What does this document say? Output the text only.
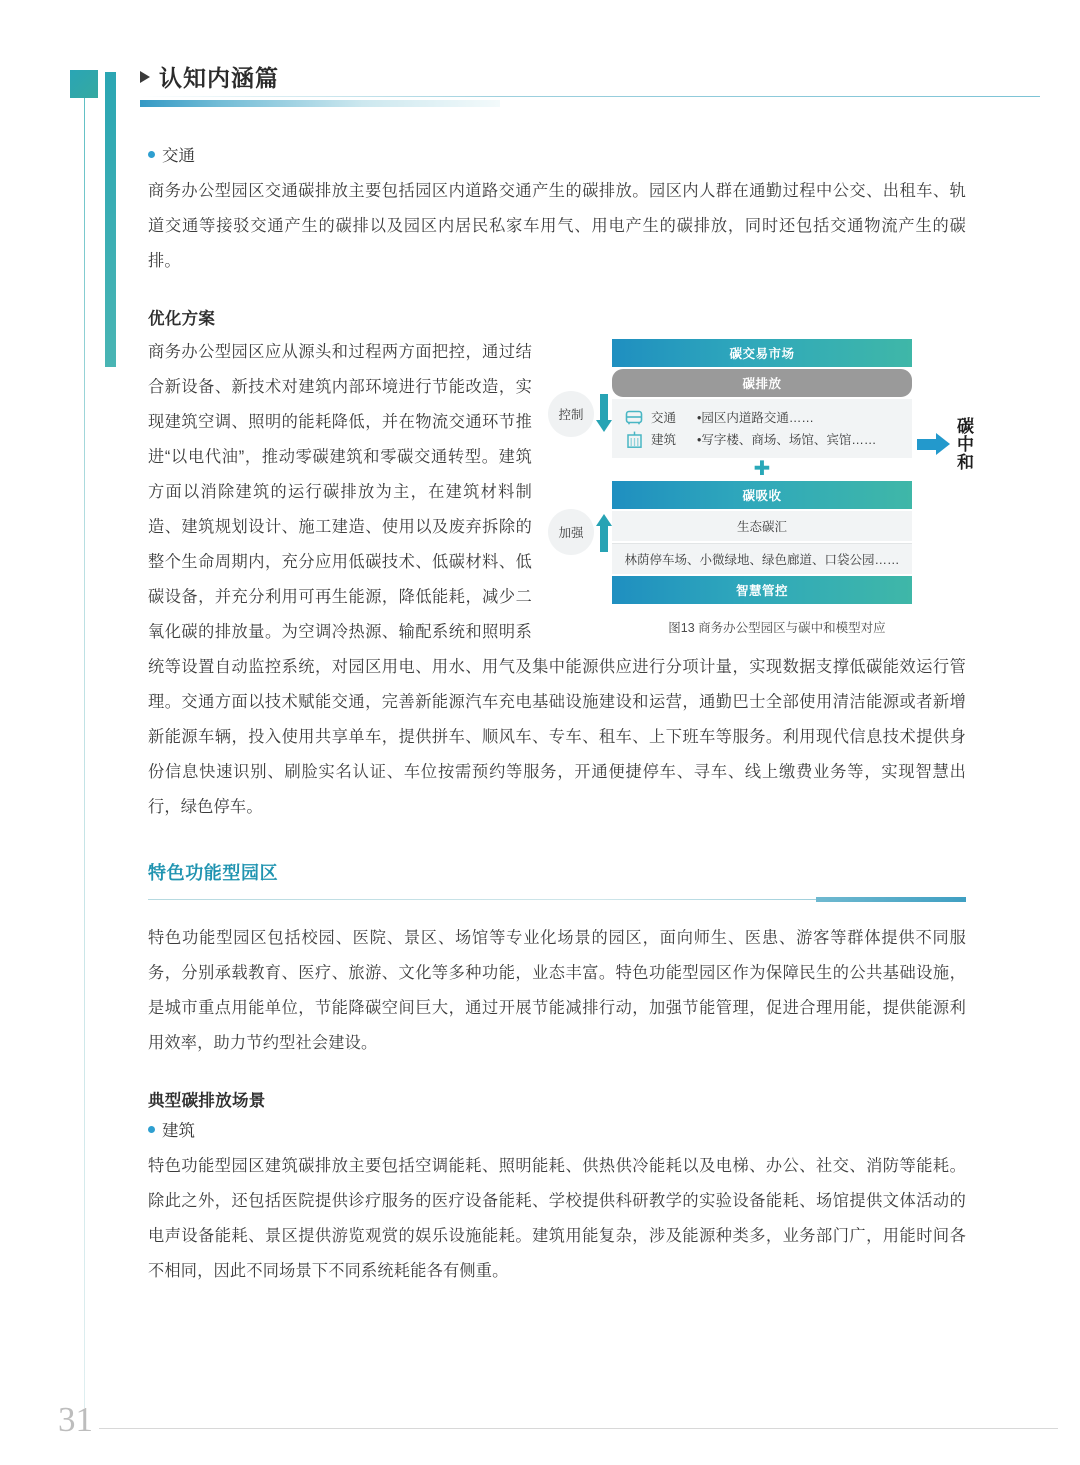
认知内涵篇
交通

商务办公型园区交通碳排放主要包括园区内道路交通产生的碳排放。园区内人群在通勤过程中公交、出租车、轨道交通等接驳交通产生的碳排以及园区内居民私家车用气、用电产生的碳排放，同时还包括交通物流产生的碳排。

优化方案
控制
加强
碳交易市场
碳排放
交通	•园区内道路交通……
建筑	•写字楼、商场、场馆、宾馆……
✚
碳吸收
生态碳汇
林荫停车场、小微绿地、绿色廊道、口袋公园……
智慧管控
碳中和
图13 商务办公型园区与碳中和模型对应

商务办公型园区应从源头和过程两方面把控，通过结合新设备、新技术对建筑内部环境进行节能改造，实现建筑空调、照明的能耗降低，并在物流交通环节推进“以电代油”，推动零碳建筑和零碳交通转型。建筑方面以消除建筑的运行碳排放为主，在建筑材料制造、建筑规划设计、施工建造、使用以及废弃拆除的整个生命周期内，充分应用低碳技术、低碳材料、低碳设备，并充分利用可再生能源，降低能耗，减少二氧化碳的排放量。为空调冷热源、输配系统和照明系统等设置自动监控系统，对园区用电、用水、用气及集中能源供应进行分项计量，实现数据支撑低碳能效运行管理。交通方面以技术赋能交通，完善新能源汽车充电基础设施建设和运营，通勤巴士全部使用清洁能源或者新增新能源车辆，投入使用共享单车，提供拼车、顺风车、专车、租车、上下班车等服务。利用现代信息技术提供身份信息快速识别、刷脸实名认证、车位按需预约等服务，开通便捷停车、寻车、线上缴费业务等，实现智慧出行，绿色停车。

特色功能型园区

特色功能型园区包括校园、医院、景区、场馆等专业化场景的园区，面向师生、医患、游客等群体提供不同服务，分别承载教育、医疗、旅游、文化等多种功能，业态丰富。特色功能型园区作为保障民生的公共基础设施，是城市重点用能单位，节能降碳空间巨大，通过开展节能减排行动，加强节能管理，促进合理用能，提供能源利用效率，助力节约型社会建设。

典型碳排放场景
建筑

特色功能型园区建筑碳排放主要包括空调能耗、照明能耗、供热供冷能耗以及电梯、办公、社交、消防等能耗。除此之外，还包括医院提供诊疗服务的医疗设备能耗、学校提供科研教学的实验设备能耗、场馆提供文体活动的电声设备能耗、景区提供游览观赏的娱乐设施能耗。建筑用能复杂，涉及能源种类多，业务部门广，用能时间各不相同，因此不同场景下不同系统耗能各有侧重。

31
